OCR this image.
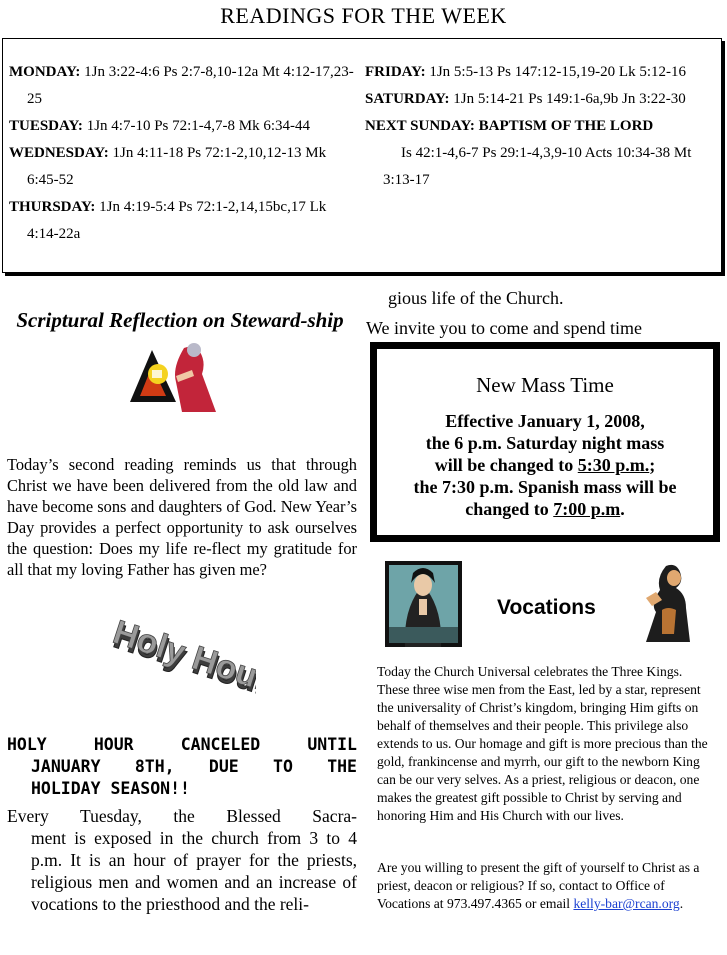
READINGS FOR THE WEEK
MONDAY: 1Jn 3:22-4:6 Ps 2:7-8,10-12a Mt 4:12-17,23-25
TUESDAY: 1Jn 4:7-10 Ps 72:1-4,7-8 Mk 6:34-44
WEDNESDAY: 1Jn 4:11-18 Ps 72:1-2,10,12-13 Mk 6:45-52
THURSDAY: 1Jn 4:19-5:4 Ps 72:1-2,14,15bc,17 Lk 4:14-22a
FRIDAY: 1Jn 5:5-13 Ps 147:12-15,19-20 Lk 5:12-16
SATURDAY: 1Jn 5:14-21 Ps 149:1-6a,9b Jn 3:22-30
NEXT SUNDAY: BAPTISM OF THE LORD
Is 42:1-4,6-7 Ps 29:1-4,3,9-10 Acts 10:34-38 Mt 3:13-17
Scriptural Reflection on Steward-ship
Today’s second reading reminds us that through Christ we have been delivered from the old law and have become sons and daughters of God. New Year’s Day provides a perfect opportunity to ask ourselves the question: Does my life re-flect my gratitude for all that my loving Father has given me?
Holy Hour
Holy Hour
HOLY HOUR CANCELED UNTIL
JANUARY 8TH, DUE TO THE
HOLIDAY SEASON!!
Every Tuesday, the Blessed Sacra-
ment is exposed in the church from 3 to 4 p.m. It is an hour of prayer for the priests, religious men and women and an increase of vocations to the priesthood and the reli-
gious life of the Church.
We invite you to come and spend time
New Mass Time
Effective January 1, 2008,
the 6 p.m. Saturday night mass
will be changed to 5:30 p.m.;
the 7:30 p.m. Spanish mass will be
changed to 7:00 p.m.
Vocations
Today the Church Universal celebrates the Three Kings. These three wise men from the East, led by a star, represent the universality of Christ’s kingdom, bringing Him gifts on behalf of themselves and their people. This privilege also extends to us. Our homage and gift is more precious than the gold, frankincense and myrrh, our gift to the newborn King can be our very selves. As a priest, religious or deacon, one makes the greatest gift possible to Christ by serving and honoring Him and His Church with our lives.
Are you willing to present the gift of yourself to Christ as a priest, deacon or religious? If so, contact to Office of Vocations at 973.497.4365 or email kelly-bar@rcan.org.
